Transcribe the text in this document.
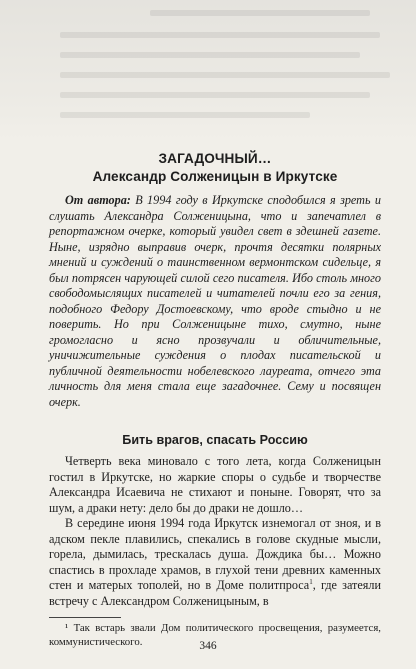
ЗАГАДОЧНЫЙ…
Александр Солженицын в Иркутске
От автора: В 1994 году в Иркутске сподобился я зреть и слушать Александра Солженицына, что и запечатлел в репортажном очерке, который увидел свет в здешней газете. Ныне, изрядно выправив очерк, прочтя десятки полярных мнений и суждений о таинственном вермонтском сидельце, я был потрясен чарующей силой сего писателя. Ибо столь много свободомыслящих писателей и читателей почли его за гения, подобного Федору Достоевскому, что вроде стыдно и не поверить. Но при Солженицыне тихо, смутно, ныне громогласно и ясно прозвучали и обличительные, уничижительные суждения о плодах писательской и публичной деятельности нобелевского лауреата, отчего эта личность для меня стала еще загадочнее. Сему и посвящен очерк.
Бить врагов, спасать Россию

Четверть века миновало с того лета, когда Солженицын гостил в Иркутске, но жаркие споры о судьбе и творчестве Александра Исаевича не стихают и поныне. Говорят, что за шум, а драки нету: дело бы до драки не дошло…

В середине июня 1994 года Иркутск изнемогал от зноя, и в адском пекле плавились, спекались в голове скудные мысли, горела, дымилась, трескалась душа. Дождика бы… Можно спастись в прохладе храмов, в глухой тени древних каменных стен и матерых тополей, но в Доме политпроса$^1$, где затеяли встречу с Александром Солженицыным, в

¹ Так встарь звали Дом политического просвещения, разумеется, коммунистического.	346
